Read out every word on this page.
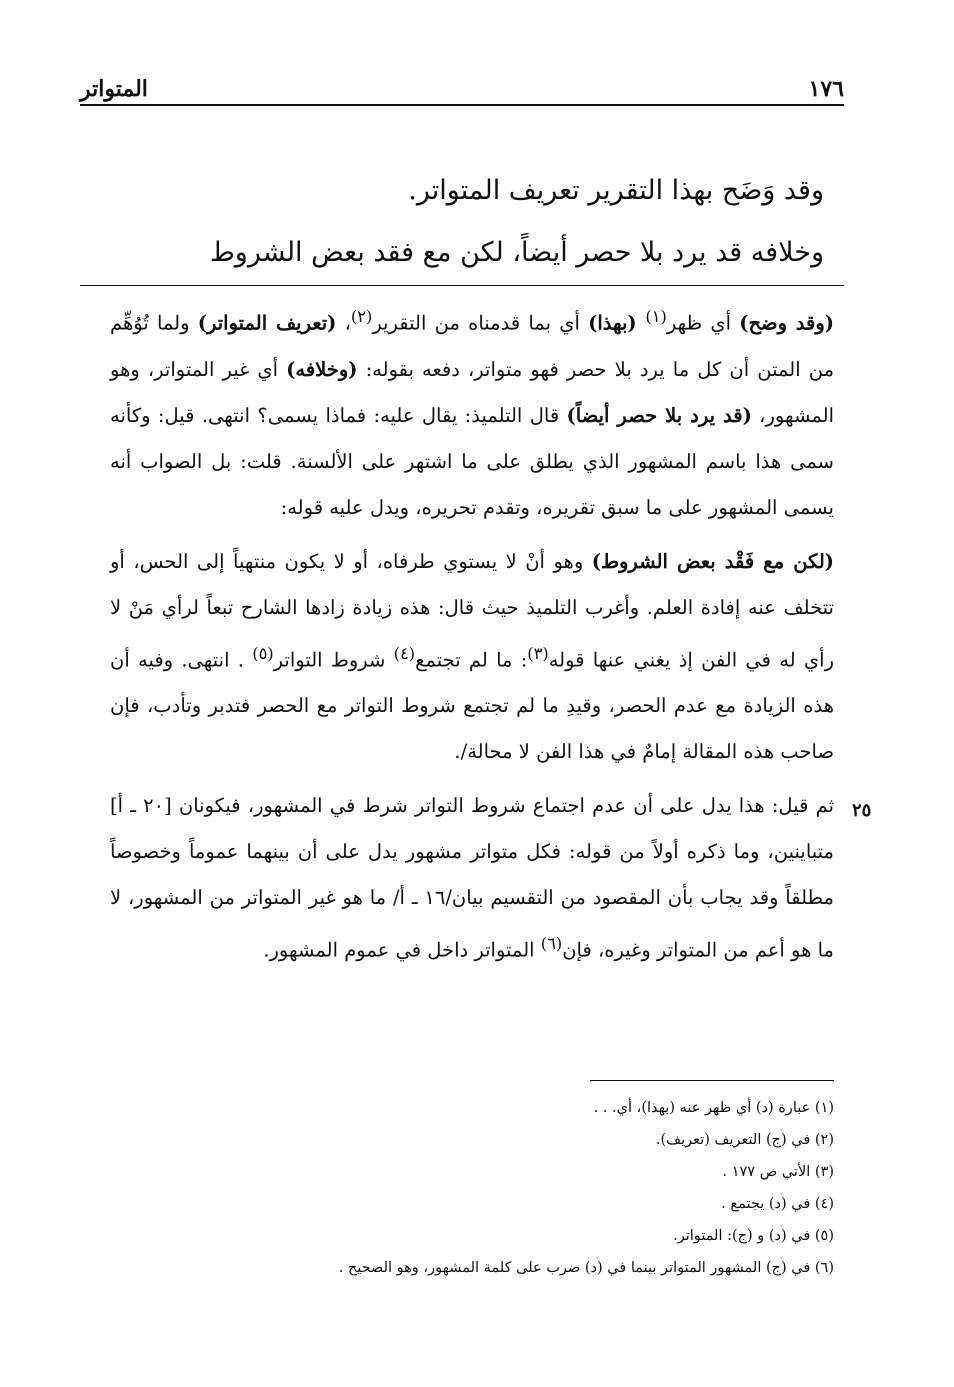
١٧٦
المتواتر

وقد وَضَح بهذا التقرير تعريف المتواتر.

وخلافه قد يرد بلا حصر أيضاً، لكن مع فقد بعض الشروط

(وقد وضح) أي ظهر$^{(١)}$ (بهذا) أي بما قدمناه من التقرير$^{(٢)}$، (تعريف المتواتر) ولما تُوُهِّم من المتن أن كل ما يرد بلا حصر فهو متواتر، دفعه بقوله: (وخلافه) أي غير المتواتر، وهو المشهور، (قد يرد بلا حصر أيضاً) قال التلميذ: يقال عليه: فماذا يسمى؟ انتهى. قيل: وكأنه سمى هذا باسم المشهور الذي يطلق على ما اشتهر على الألسنة. قلت: بل الصواب أنه يسمى المشهور على ما سبق تقريره، وتقدم تحريره، ويدل عليه قوله:

(لكن مع فَقْد بعض الشروط) وهو أنْ لا يستوي طرفاه، أو لا يكون منتهياً إلى الحس، أو تتخلف عنه إفادة العلم. وأغرب التلميذ حيث قال: هذه زيادة زادها الشارح تبعاً لرأي مَنْ لا رأي له في الفن إذ يغني عنها قوله$^{(٣)}$: ما لم تجتمع$^{(٤)}$ شروط التواتر$^{(٥)}$ . انتهى. وفيه أن هذه الزيادة مع عدم الحصر، وقيدِ ما لم تجتمع شروط التواتر مع الحصر فتدبر وتأدب، فإن صاحب هذه المقالة إمامٌ في هذا الفن لا محالة/.

ثم قيل: هذا يدل على أن عدم اجتماع شروط التواتر شرط في المشهور، فيكونان [٢٠ ـ أ] متباينين، وما ذكره أولاً من قوله: فكل متواتر مشهور يدل على أن بينهما عموماً وخصوصاً مطلقاً وقد يجاب بأن المقصود من التقسيم بيان/١٦ ـ أ/ ما هو غير المتواتر من المشهور، لا ما هو أعم من المتواتر وغيره، فإن$^{(٦)}$ المتواتر داخل في عموم المشهور.

٢٥
(١) عبارة (د) أي ظهر عنه (بهذا)، أي. . .
(٢) في (ج) التعريف (تعريف).
(٣) الأتي ص ١٧٧ .
(٤) في (د) يجتمع .
(٥) في (د) و (ج): المتواتر.
(٦) في (ج) المشهور المتواتر بينما في (د) ضرب على كلمة المشهور، وهو الصحيح .
